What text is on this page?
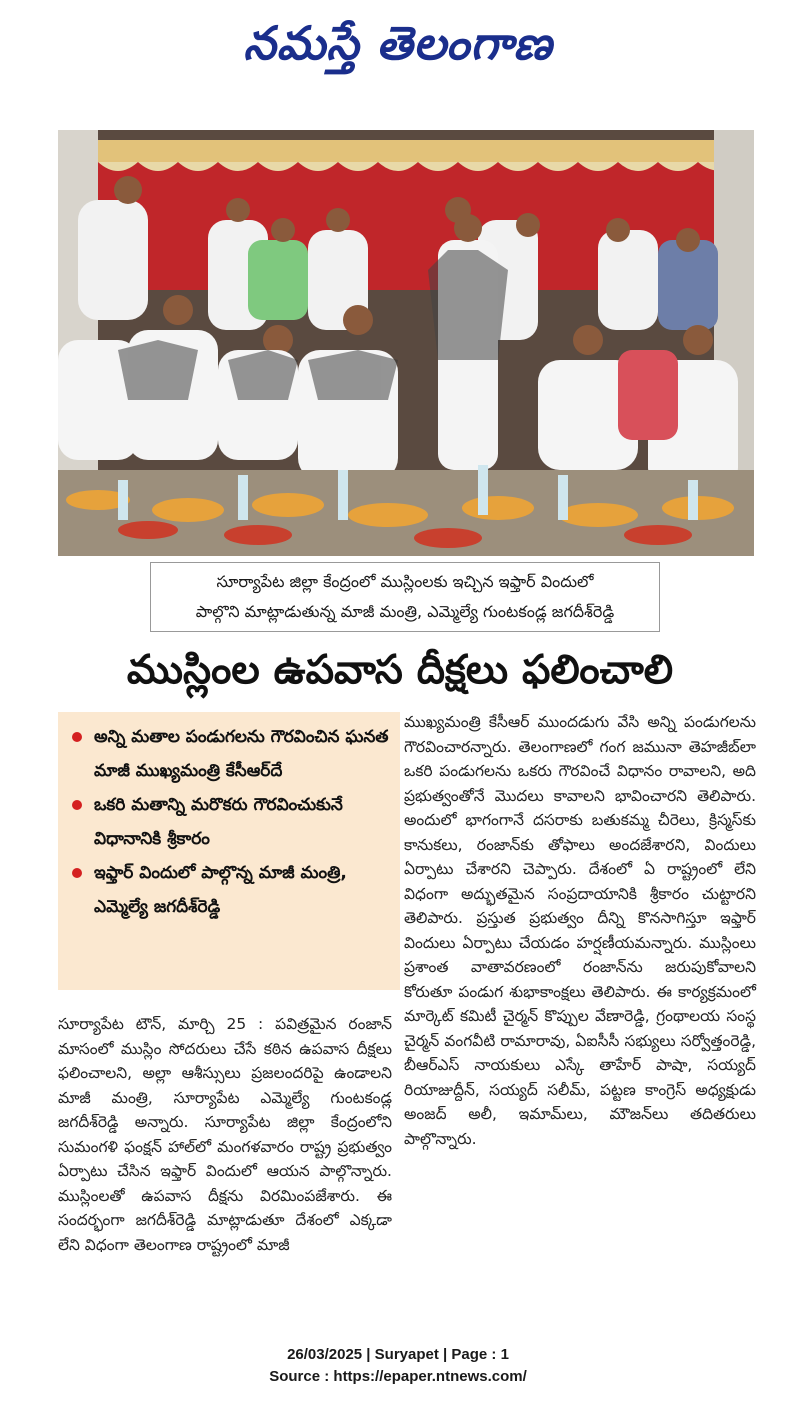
నమస్తే తెలంగాణ
సూర్యాపేట జిల్లా కేంద్రంలో ముస్లింలకు ఇచ్చిన ఇఫ్తార్ విందులో
పాల్గొని మాట్లాడుతున్న మాజీ మంత్రి, ఎమ్మెల్యే గుంటకండ్ల జగదీశ్‌రెడ్డి
ముస్లింల ఉపవాస దీక్షలు ఫలించాలి
అన్ని మతాల పండుగలను గౌరవించిన ఘనత మాజీ ముఖ్యమంత్రి కేసీఆర్‌దే
ఒకరి మతాన్ని మరొకరు గౌరవించుకునే విధానానికి శ్రీకారం
ఇఫ్తార్ విందులో పాల్గొన్న మాజీ మంత్రి, ఎమ్మెల్యే జగదీశ్‌రెడ్డి
సూర్యాపేట టౌన్, మార్చి 25 : పవిత్రమైన రంజాన్ మాసంలో ముస్లిం సోదరులు చేసే కఠిన ఉపవాస దీక్షలు ఫలించాలని, అల్లా ఆశీస్సులు ప్రజలందరిపై ఉండాలని మాజీ మంత్రి, సూర్యాపేట ఎమ్మెల్యే గుంటకండ్ల జగదీశ్‌రెడ్డి అన్నారు. సూర్యాపేట జిల్లా కేంద్రంలోని సుమంగళి ఫంక్షన్ హాల్‌లో మంగళవారం రాష్ట్ర ప్రభుత్వం ఏర్పాటు చేసిన ఇఫ్తార్ విందులో ఆయన పాల్గొన్నారు. ముస్లింలతో ఉపవాస దీక్షను విరమింపజేశారు. ఈ సందర్భంగా జగదీశ్‌రెడ్డి మాట్లాడుతూ దేశంలో ఎక్కడా లేని విధంగా తెలంగాణ రాష్ట్రంలో మాజీ
ముఖ్యమంత్రి కేసీఆర్ ముందడుగు వేసి అన్ని పండుగలను గౌరవించారన్నారు. తెలంగాణలో గంగ జమునా తెహజీబ్‌లా ఒకరి పండుగలను ఒకరు గౌరవించే విధానం రావాలని, అది ప్రభుత్వంతోనే మొదలు కావాలని భావించారని తెలిపారు. అందులో భాగంగానే దసరాకు బతుకమ్మ చీరెలు, క్రిస్మస్‌కు కానుకలు, రంజాన్‌కు తోఫాలు అందజేశారని, విందులు ఏర్పాటు చేశారని చెప్పారు. దేశంలో ఏ రాష్ట్రంలో లేని విధంగా అద్భుతమైన సంప్రదాయానికి శ్రీకారం చుట్టారని తెలిపారు. ప్రస్తుత ప్రభుత్వం దీన్ని కొనసాగిస్తూ ఇఫ్తార్ విందులు ఏర్పాటు చేయడం హర్షణీయమన్నారు. ముస్లింలు ప్రశాంత వాతావరణంలో రంజాన్‌ను జరుపుకోవాలని కోరుతూ పండుగ శుభాకాంక్షలు తెలిపారు. ఈ కార్యక్రమంలో మార్కెట్ కమిటీ చైర్మన్ కొప్పుల వేణారెడ్డి, గ్రంథాలయ సంస్థ చైర్మన్ వంగవీటి రామారావు, ఏఐసీసీ సభ్యులు సర్వోత్తంరెడ్డి, బీఆర్‌ఎస్ నాయకులు ఎస్కే తాహేర్ పాషా, సయ్యద్ రియాజుద్దీన్, సయ్యద్ సలీమ్, పట్టణ కాంగ్రెస్ అధ్యక్షుడు అంజద్ అలీ, ఇమామ్‌లు, మౌజన్‌లు తదితరులు పాల్గొన్నారు.
26/03/2025 | Suryapet | Page : 1
Source : https://epaper.ntnews.com/
